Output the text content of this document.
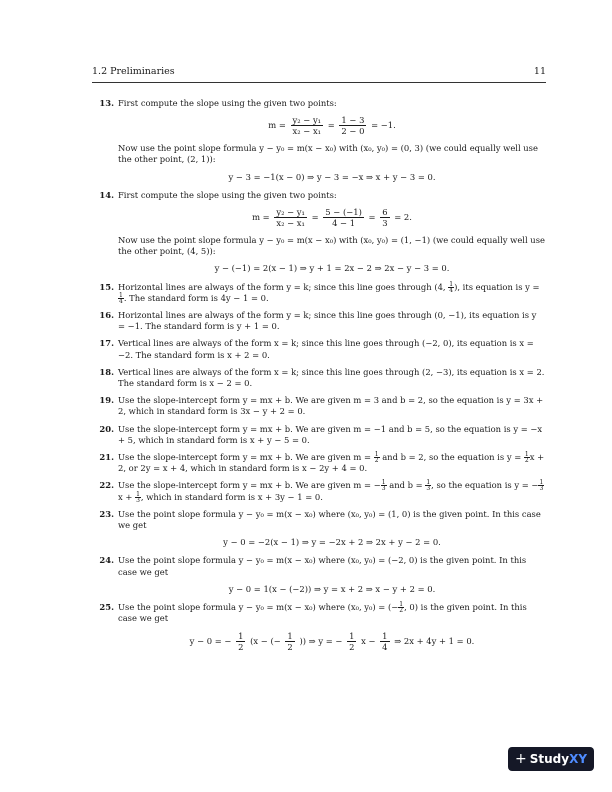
1.2 Preliminaries	11
13. First compute the slope using the given two points:

$m = \frac{\text{y₂ − y₁}}{\text{x₂ − x₁}} = \frac{1 - 3}{2 - 0} = -1$.

Now use the point slope formula y − y₀ = m(x − x₀) with (x₀, y₀) = (0, 3) (we could equally well use the other point, (2, 1)):

y − 3 = −1(x − 0) ⇒ y − 3 = −x ⇒ x + y − 3 = 0.
14. First compute the slope using the given two points:

$m = \frac{\text{y₂ − y₁}}{\text{x₂ − x₁}} = \frac{5 - (-1)}{4 - 1} = \frac{6}{3} = 2$.

Now use the point slope formula y − y₀ = m(x − x₀) with (x₀, y₀) = (1, −1) (we could equally well use the other point, (4, 5)):

y − (−1) = 2(x − 1) ⇒ y + 1 = 2x − 2 ⇒ 2x − y − 3 = 0.
15. Horizontal lines are always of the form y = k; since this line goes through (4, $\frac{1}{4}$ ), its equation is y =
$\frac{1}{4}$ . The standard form is 4y − 1 = 0.

16. Horizontal lines are always of the form y = k; since this line goes through (0, −1), its equation is y = −1. The standard form is y + 1 = 0.

17. Vertical lines are always of the form x = k; since this line goes through (−2, 0), its equation is x = −2. The standard form is x + 2 = 0.

18. Vertical lines are always of the form x = k; since this line goes through (2, −3), its equation is x = 2. The standard form is x − 2 = 0.

19. Use the slope-intercept form y = mx + b. We are given m = 3 and b = 2, so the equation is y = 3x + 2, which in standard form is 3x − y + 2 = 0.

20. Use the slope-intercept form y = mx + b. We are given m = −1 and b = 5, so the equation is y = −x + 5, which in standard form is x + y − 5 = 0.

21. Use the slope-intercept form y = mx + b. We are given $m = \frac{1}{2}$ and b = 2, so the equation is $y = \frac{1}{2}$ x + 2, or 2y = x + 4, which in standard form is x − 2y + 4 = 0.

22. Use the slope-intercept form y = mx + b. We are given m = − $\frac{1}{3}$ and $b = \frac{1}{3}$ , so the equation is y = − $\frac{1}{3}$
$x + \frac{1}{3}$ , which in standard form is x + 3y − 1 = 0.

23. Use the point slope formula y − y₀ = m(x − x₀) where (x₀, y₀) = (1, 0) is the given point. In this case we get

y − 0 = −2(x − 1) ⇒ y = −2x + 2 ⇒ 2x + y − 2 = 0.
24. Use the point slope formula y − y₀ = m(x − x₀) where (x₀, y₀) = (−2, 0) is the given point. In this case we get

y − 0 = 1(x − (−2)) ⇒ y = x + 2 ⇒ x − y + 2 = 0.
25. Use the point slope formula y − y₀ = m(x − x₀) where (x₀, y₀) = (− $\frac{1}{2}$ , 0) is the given point. In this case we get

y − 0 = − $\frac{1}{2} (x$ − (− $\frac{1}{2}$ )) ⇒ y = − $\frac{1}{2}$ $x - \frac{1}{4}$ ⇒ 2x + 4y + 1 = 0.
+ StudyXY
